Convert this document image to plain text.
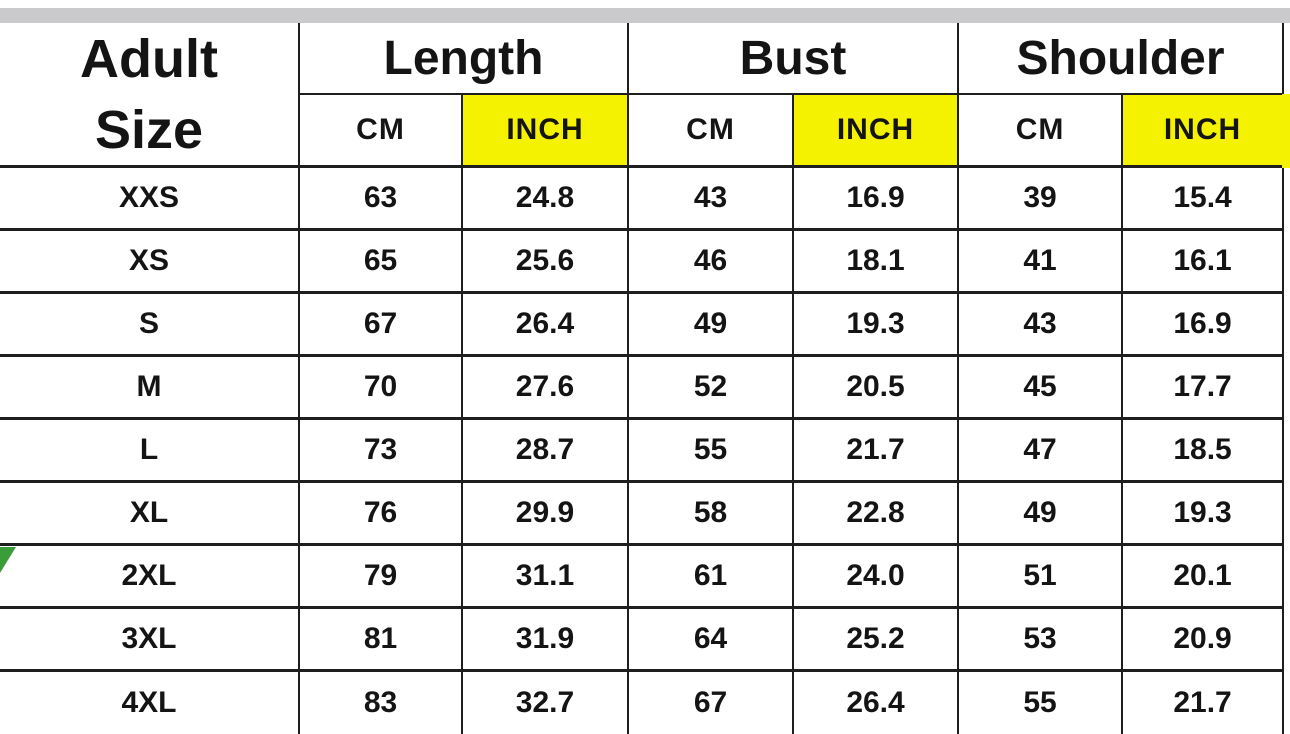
Adult
Size	Length		Bust		Shoulder	
	CM	INCH	CM	INCH	CM	INCH
XXS	63	24.8	43	16.9	39	15.4
XS	65	25.6	46	18.1	41	16.1
S	67	26.4	49	19.3	43	16.9
M	70	27.6	52	20.5	45	17.7
L	73	28.7	55	21.7	47	18.5
XL	76	29.9	58	22.8	49	19.3
2XL	79	31.1	61	24.0	51	20.1
3XL	81	31.9	64	25.2	53	20.9
4XL	83	32.7	67	26.4	55	21.7
